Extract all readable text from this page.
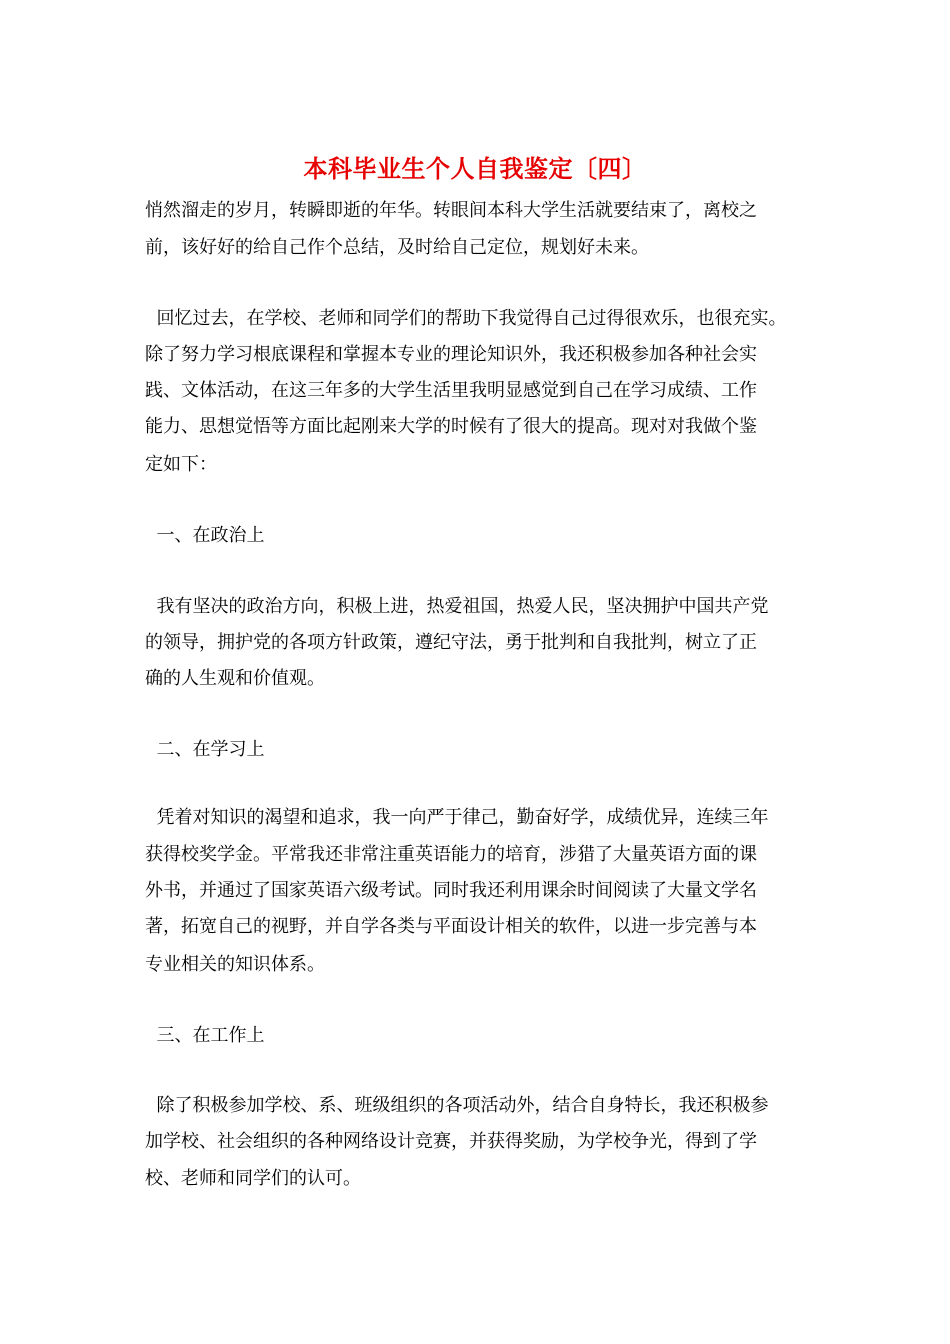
本科毕业生个人自我鉴定〔四〕
悄然溜走的岁月，转瞬即逝的年华。转眼间本科大学生活就要结束了，离校之
前，该好好的给自己作个总结，及时给自己定位，规划好未来。
回忆过去，在学校、老师和同学们的帮助下我觉得自己过得很欢乐，也很充实。
除了努力学习根底课程和掌握本专业的理论知识外，我还积极参加各种社会实
践、文体活动，在这三年多的大学生活里我明显感觉到自己在学习成绩、工作
能力、思想觉悟等方面比起刚来大学的时候有了很大的提高。现对对我做个鉴
定如下：
一、在政治上
我有坚决的政治方向，积极上进，热爱祖国，热爱人民，坚决拥护中国共产党
的领导，拥护党的各项方针政策，遵纪守法，勇于批判和自我批判，树立了正
确的人生观和价值观。
二、在学习上
凭着对知识的渴望和追求，我一向严于律己，勤奋好学，成绩优异，连续三年
获得校奖学金。平常我还非常注重英语能力的培育，涉猎了大量英语方面的课
外书，并通过了国家英语六级考试。同时我还利用课余时间阅读了大量文学名
著，拓宽自己的视野，并自学各类与平面设计相关的软件，以进一步完善与本
专业相关的知识体系。
三、在工作上
除了积极参加学校、系、班级组织的各项活动外，结合自身特长，我还积极参
加学校、社会组织的各种网络设计竞赛，并获得奖励，为学校争光，得到了学
校、老师和同学们的认可。
